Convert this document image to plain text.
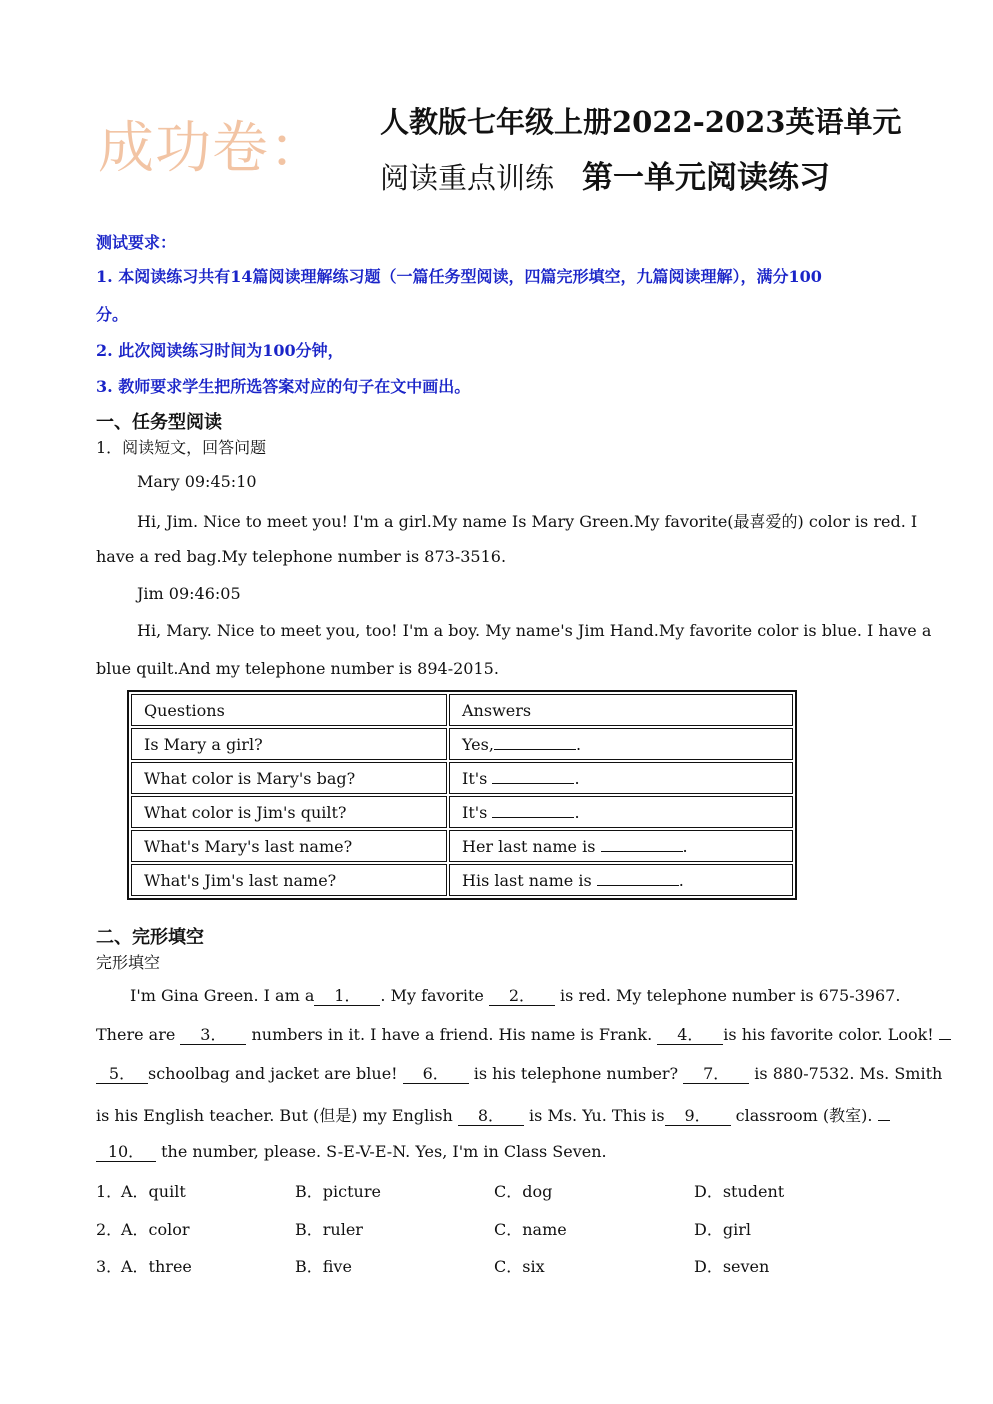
成功卷： 人教版七年级上册2022-2023英语单元
阅读重点训练 第一单元阅读练习
测试要求：
1. 本阅读练习共有14篇阅读理解练习题（一篇任务型阅读，四篇完形填空，九篇阅读理解），满分100
分。
2. 此次阅读练习时间为100分钟，
3. 教师要求学生把所选答案对应的句子在文中画出。
一、任务型阅读
1．阅读短文，回答问题
Mary 09:45:10
Hi, Jim. Nice to meet you! I'm a girl.My name Is Mary Green.My favorite(最喜爱的) color is red. I
have a red bag.My telephone number is 873-3516.
Jim 09:46:05
Hi, Mary. Nice to meet you, too! I'm a boy. My name's Jim Hand.My favorite color is blue. I have a
blue quilt.And my telephone number is 894-2015.
Questions	Answers
Is Mary a girl?	Yes, .
What color is Mary's bag?	It's .
What color is Jim's quilt?	It's .
What's Mary's last name?	Her last name is .
What's Jim's last name?	His last name is .
二、完形填空
完形填空
I'm Gina Green. I am a 1． . My favorite 2． is red. My telephone number is 675-3967.
There are 3． numbers in it. I have a friend. His name is Frank. 4． is his favorite color. Look!
5． schoolbag and jacket are blue! 6． is his telephone number? 7． is 880-7532. Ms. Smith
is his English teacher. But (但是) my English 8． is Ms. Yu. This is 9． classroom (教室).
10． the number, please. S-E-V-E-N. Yes, I'm in Class Seven.
1．
A．quilt	B．picture	C．dog	D．student
2．
A．color	B．ruler	C．name	D．girl
3．
A．three	B．five	C．six	D．seven
